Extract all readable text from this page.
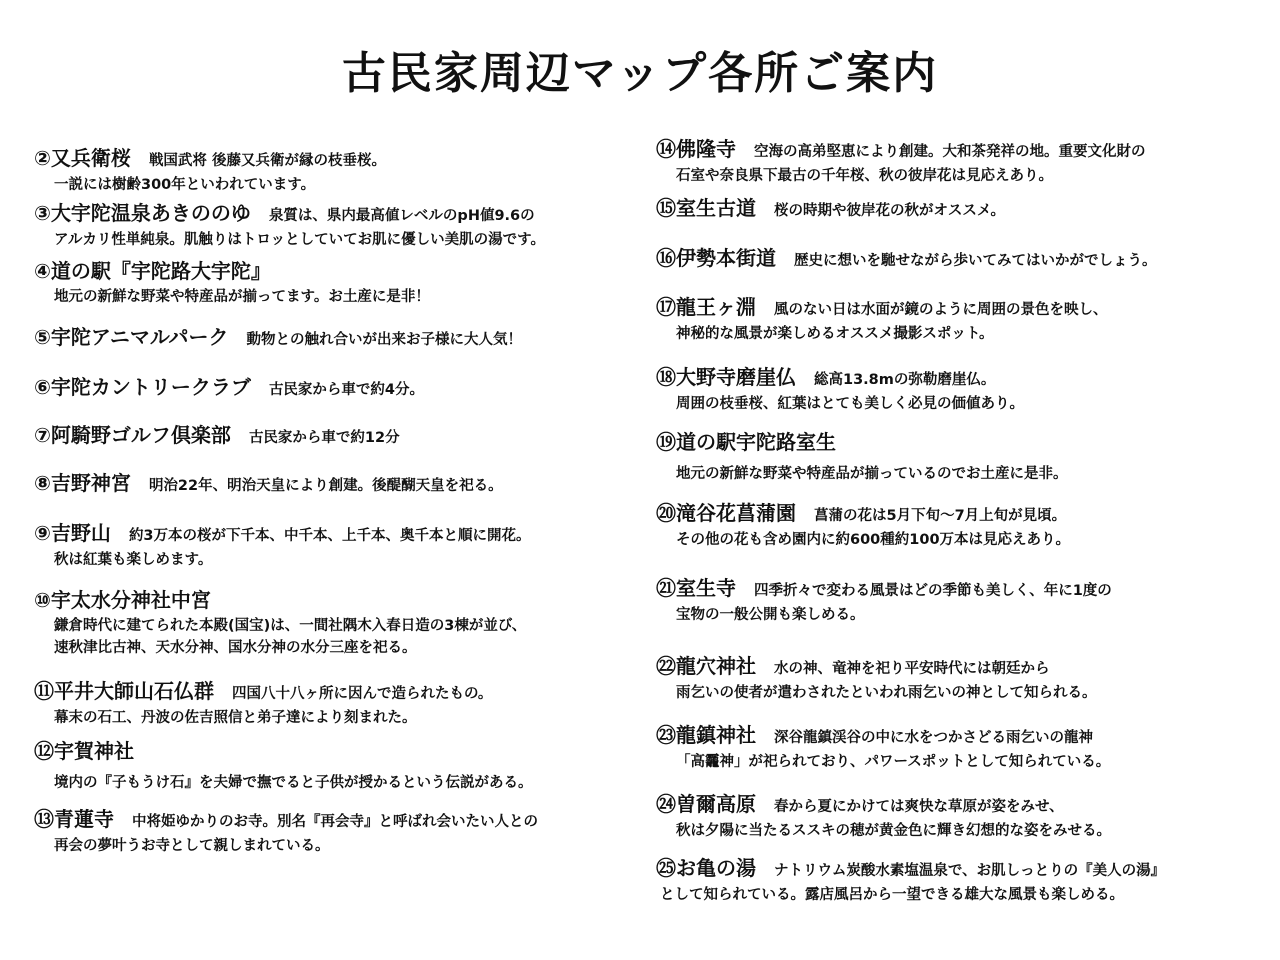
古民家周辺マップ各所ご案内
②又兵衛桜 戦国武将 後藤又兵衛が縁の枝垂桜。
一説には樹齢300年といわれています。
③大宇陀温泉あきののゆ 泉質は、県内最高値レベルのpH値9.6の
アルカリ性単純泉。肌触りはトロッとしていてお肌に優しい美肌の湯です。
④道の駅『宇陀路大宇陀』
地元の新鮮な野菜や特産品が揃ってます。お土産に是非！
⑤宇陀アニマルパーク 動物との触れ合いが出来お子様に大人気！
⑥宇陀カントリークラブ 古民家から車で約4分。
⑦阿騎野ゴルフ倶楽部 古民家から車で約12分
⑧吉野神宮 明治22年、明治天皇により創建。後醍醐天皇を祀る。
⑨吉野山 約3万本の桜が下千本、中千本、上千本、奥千本と順に開花。
秋は紅葉も楽しめます。
⑩宇太水分神社中宮
鎌倉時代に建てられた本殿(国宝)は、一間社隅木入春日造の3棟が並び、
速秋津比古神、天水分神、国水分神の水分三座を祀る。
⑪平井大師山石仏群 四国八十八ヶ所に因んで造られたもの。
幕末の石工、丹波の佐吉照信と弟子達により刻まれた。
⑫宇賀神社
境内の『子もうけ石』を夫婦で撫でると子供が授かるという伝説がある。
⑬青蓮寺 中将姫ゆかりのお寺。別名『再会寺』と呼ばれ会いたい人との
再会の夢叶うお寺として親しまれている。
⑭佛隆寺 空海の高弟堅恵により創建。大和茶発祥の地。重要文化財の
石室や奈良県下最古の千年桜、秋の彼岸花は見応えあり。
⑮室生古道 桜の時期や彼岸花の秋がオススメ。
⑯伊勢本街道 歴史に想いを馳せながら歩いてみてはいかがでしょう。
⑰龍王ヶ淵 風のない日は水面が鏡のように周囲の景色を映し、
神秘的な風景が楽しめるオススメ撮影スポット。
⑱大野寺磨崖仏 総高13.8mの弥勒磨崖仏。
周囲の枝垂桜、紅葉はとても美しく必見の価値あり。
⑲道の駅宇陀路室生
地元の新鮮な野菜や特産品が揃っているのでお土産に是非。
⑳滝谷花菖蒲園 菖蒲の花は5月下旬〜7月上旬が見頃。
その他の花も含め園内に約600種約100万本は見応えあり。
㉑室生寺 四季折々で変わる風景はどの季節も美しく、年に1度の
宝物の一般公開も楽しめる。
㉒龍穴神社 水の神、竜神を祀り平安時代には朝廷から
雨乞いの使者が遣わされたといわれ雨乞いの神として知られる。
㉓龍鎮神社 深谷龍鎮渓谷の中に水をつかさどる雨乞いの龍神
「高龗神」が祀られており、パワースポットとして知られている。
㉔曽爾高原 春から夏にかけては爽快な草原が姿をみせ、
秋は夕陽に当たるススキの穂が黄金色に輝き幻想的な姿をみせる。
㉕お亀の湯 ナトリウム炭酸水素塩温泉で、お肌しっとりの『美人の湯』
として知られている。露店風呂から一望できる雄大な風景も楽しめる。
